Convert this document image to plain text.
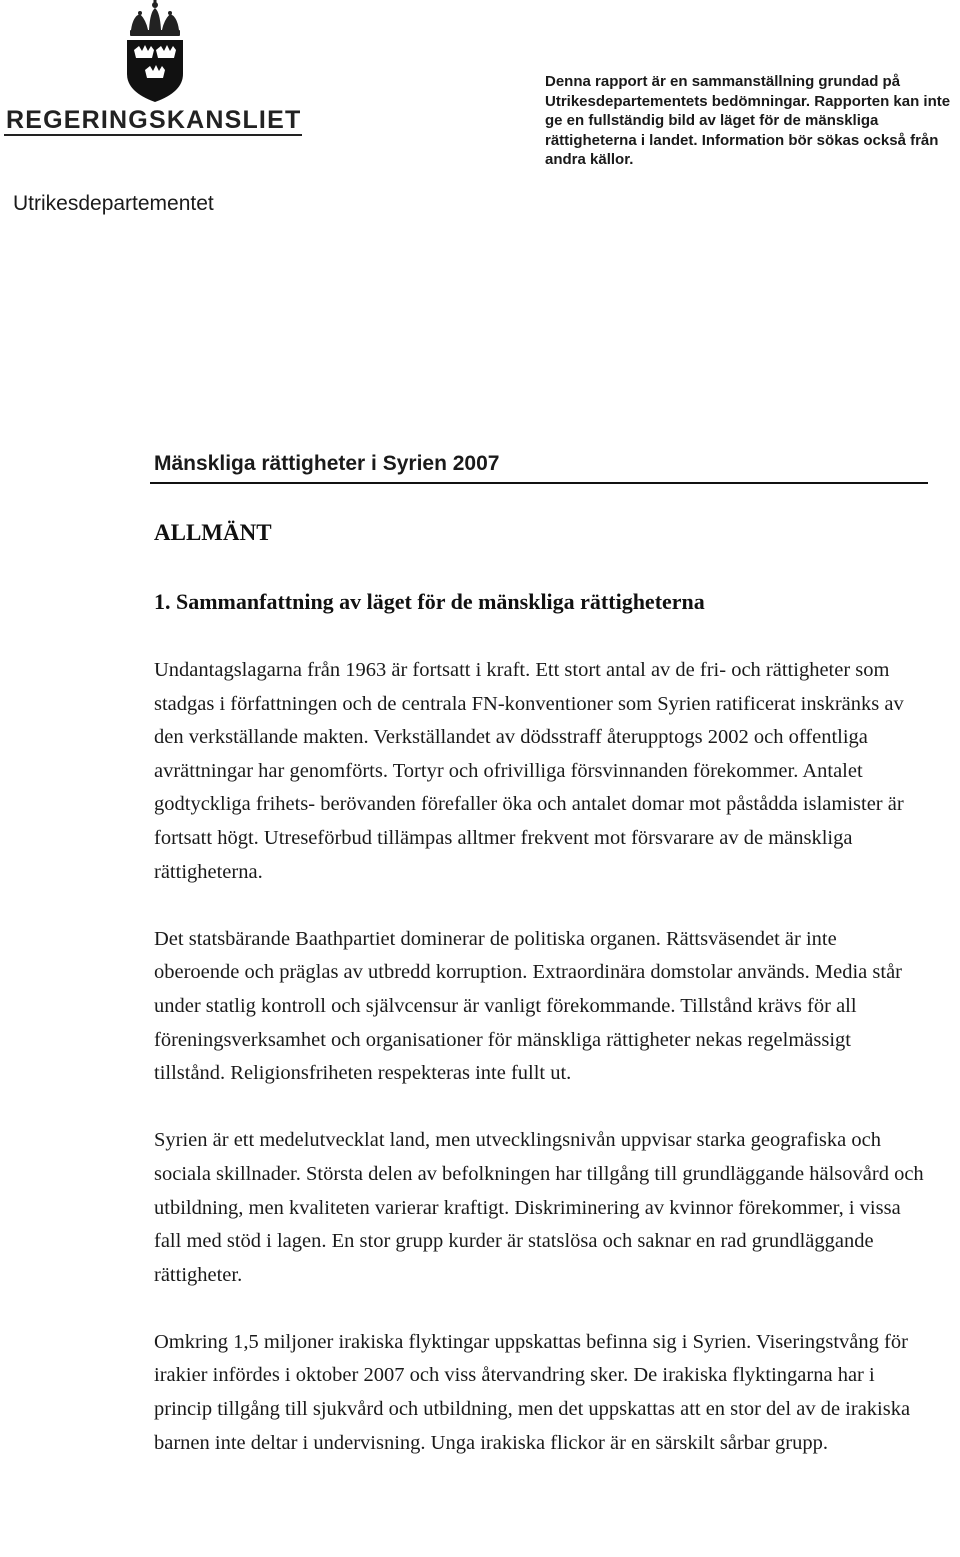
REGERINGSKANSLIET
Utrikesdepartementet
Denna rapport är en sammanställning grundad på Utrikesdepartementets bedömningar. Rapporten kan inte ge en fullständig bild av läget för de mänskliga rättigheterna i landet. Information bör sökas också från andra källor.
Mänskliga rättigheter i Syrien 2007
ALLMÄNT
1. Sammanfattning av läget för de mänskliga rättigheterna

Undantagslagarna från 1963 är fortsatt i kraft. Ett stort antal av de fri- och rättigheter som stadgas i författningen och de centrala FN-konventioner som Syrien ratificerat inskränks av den verkställande makten. Verkställandet av dödsstraff återupptogs 2002 och offentliga avrättningar har genomförts. Tortyr och ofrivilliga försvinnanden förekommer. Antalet godtyckliga frihets- berövanden förefaller öka och antalet domar mot påstådda islamister är fortsatt högt. Utreseförbud tillämpas alltmer frekvent mot försvarare av de mänskliga rättigheterna.

Det statsbärande Baathpartiet dominerar de politiska organen. Rättsväsendet är inte oberoende och präglas av utbredd korruption. Extraordinära domstolar används. Media står under statlig kontroll och självcensur är vanligt förekommande. Tillstånd krävs för all föreningsverksamhet och organisationer för mänskliga rättigheter nekas regelmässigt tillstånd. Religionsfriheten respekteras inte fullt ut.

Syrien är ett medelutvecklat land, men utvecklingsnivån uppvisar starka geografiska och sociala skillnader. Största delen av befolkningen har tillgång till grundläggande hälsovård och utbildning, men kvaliteten varierar kraftigt. Diskriminering av kvinnor förekommer, i vissa fall med stöd i lagen. En stor grupp kurder är statslösa och saknar en rad grundläggande rättigheter.

Omkring 1,5 miljoner irakiska flyktingar uppskattas befinna sig i Syrien. Viseringstvång för irakier infördes i oktober 2007 och viss återvandring sker. De irakiska flyktingarna har i princip tillgång till sjukvård och utbildning, men det uppskattas att en stor del av de irakiska barnen inte deltar i undervisning. Unga irakiska flickor är en särskilt sårbar grupp.
